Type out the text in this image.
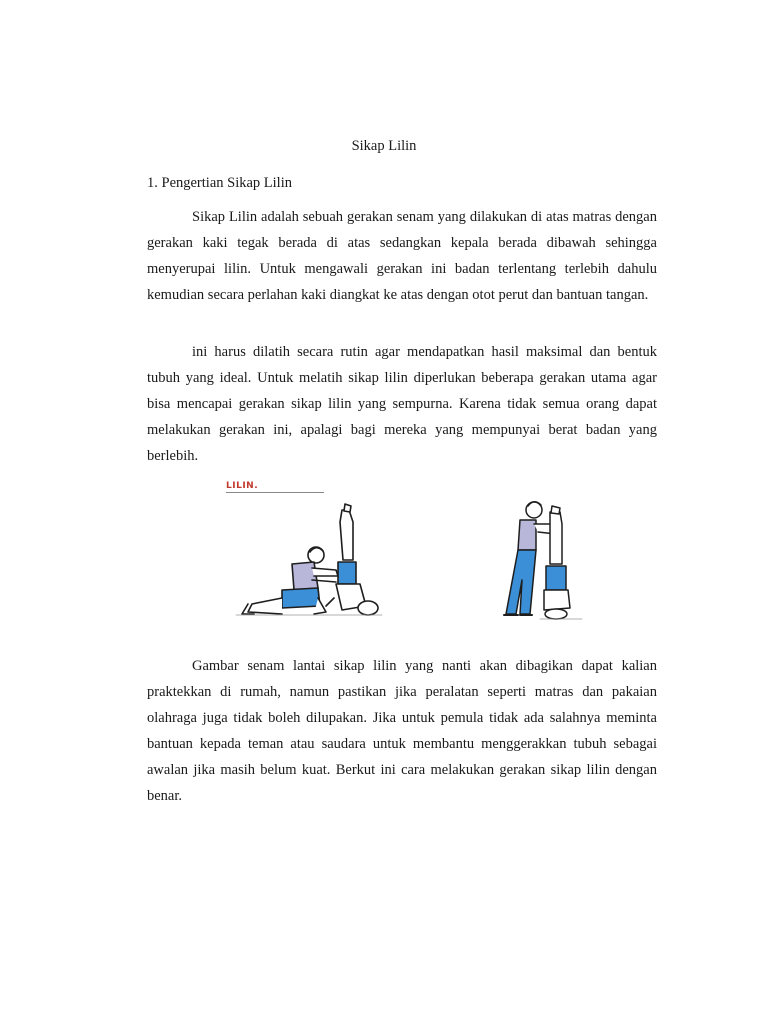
Sikap Lilin
1. Pengertian Sikap Lilin

Sikap Lilin adalah sebuah gerakan senam yang dilakukan di atas matras dengan gerakan kaki tegak berada di atas sedangkan kepala berada dibawah sehingga menyerupai lilin. Untuk mengawali gerakan ini badan terlentang terlebih dahulu kemudian secara perlahan kaki diangkat ke atas dengan otot perut dan bantuan tangan.

ini harus dilatih secara rutin agar mendapatkan hasil maksimal dan bentuk tubuh yang ideal. Untuk melatih sikap lilin diperlukan beberapa gerakan utama agar bisa mencapai gerakan sikap lilin yang sempurna. Karena tidak semua orang dapat melakukan gerakan ini, apalagi bagi mereka yang mempunyai berat badan yang berlebih.

LILIN.

Gambar senam lantai sikap lilin yang nanti akan dibagikan dapat kalian praktekkan di rumah, namun pastikan jika peralatan seperti matras dan pakaian olahraga juga tidak boleh dilupakan. Jika untuk pemula tidak ada salahnya meminta bantuan kepada teman atau saudara untuk membantu menggerakkan tubuh sebagai awalan jika masih belum kuat. Berkut ini cara melakukan gerakan sikap lilin dengan benar.
